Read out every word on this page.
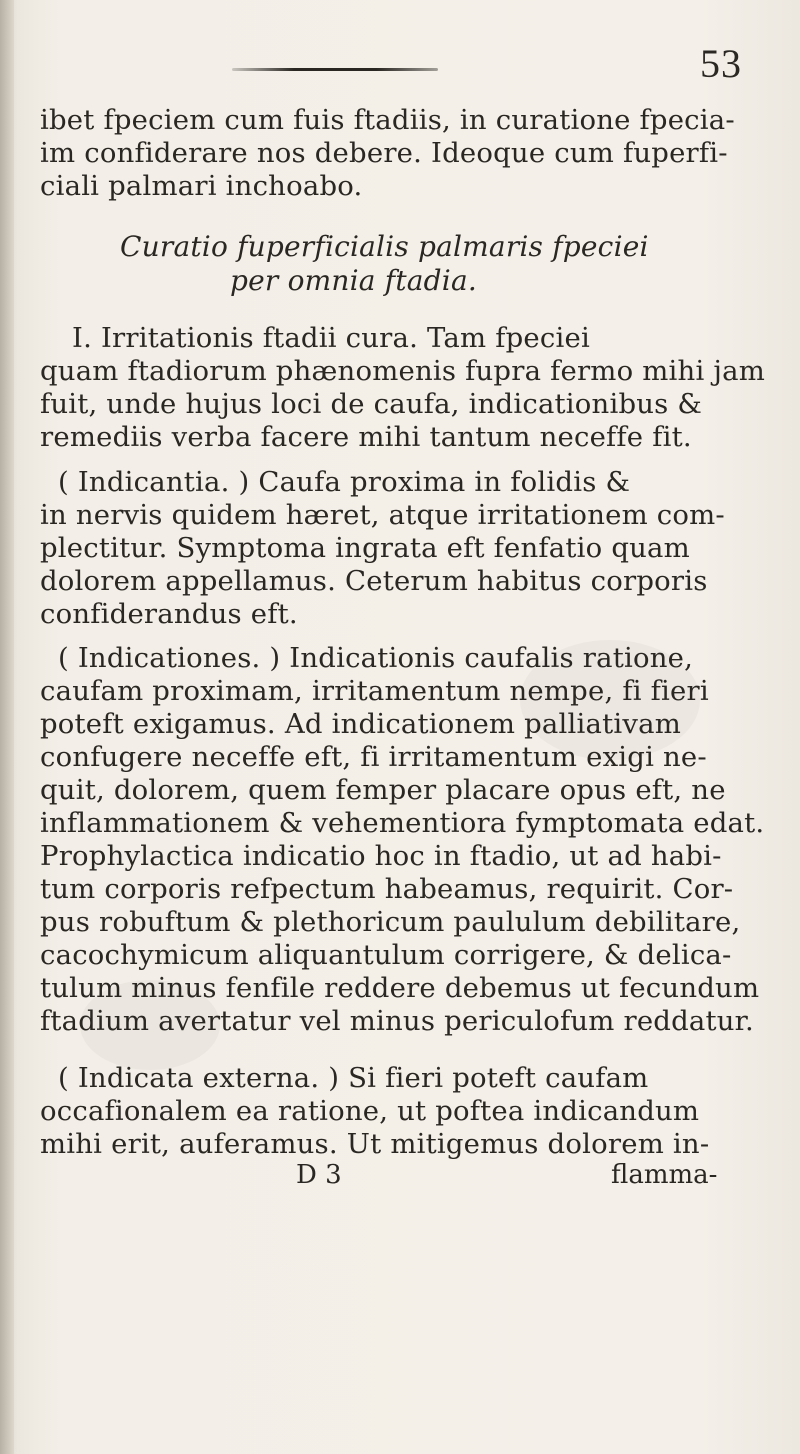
53
ibet fpeciem cum fuis ftadiis, in curatione fpecia-
im confiderare nos debere. Ideoque cum fuperfi-
ciali palmari inchoabo.
Curatio fuperficialis palmaris fpeciei
per omnia ftadia.
I. Irritationis ftadii cura. Tam fpeciei
quam ftadiorum phænomenis fupra fermo mihi jam
fuit, unde hujus loci de caufa, indicationibus &
remediis verba facere mihi tantum neceffe fit.
( Indicantia. ) Caufa proxima in folidis &
in nervis quidem hæret, atque irritationem com-
plectitur. Symptoma ingrata eft fenfatio quam
dolorem appellamus. Ceterum habitus corporis
confiderandus eft.
( Indicationes. ) Indicationis caufalis ratione,
caufam proximam, irritamentum nempe, fi fieri
poteft exigamus. Ad indicationem palliativam
confugere neceffe eft, fi irritamentum exigi ne-
quit, dolorem, quem femper placare opus eft, ne
inflammationem & vehementiora fymptomata edat.
Prophylactica indicatio hoc in ftadio, ut ad habi-
tum corporis refpectum habeamus, requirit. Cor-
pus robuftum & plethoricum paululum debilitare,
cacochymicum aliquantulum corrigere, & delica-
tulum minus fenfile reddere debemus ut fecundum
ftadium avertatur vel minus periculofum reddatur.
( Indicata externa. ) Si fieri poteft caufam
occafionalem ea ratione, ut poftea indicandum
mihi erit, auferamus. Ut mitigemus dolorem in-
D 3	flamma-
